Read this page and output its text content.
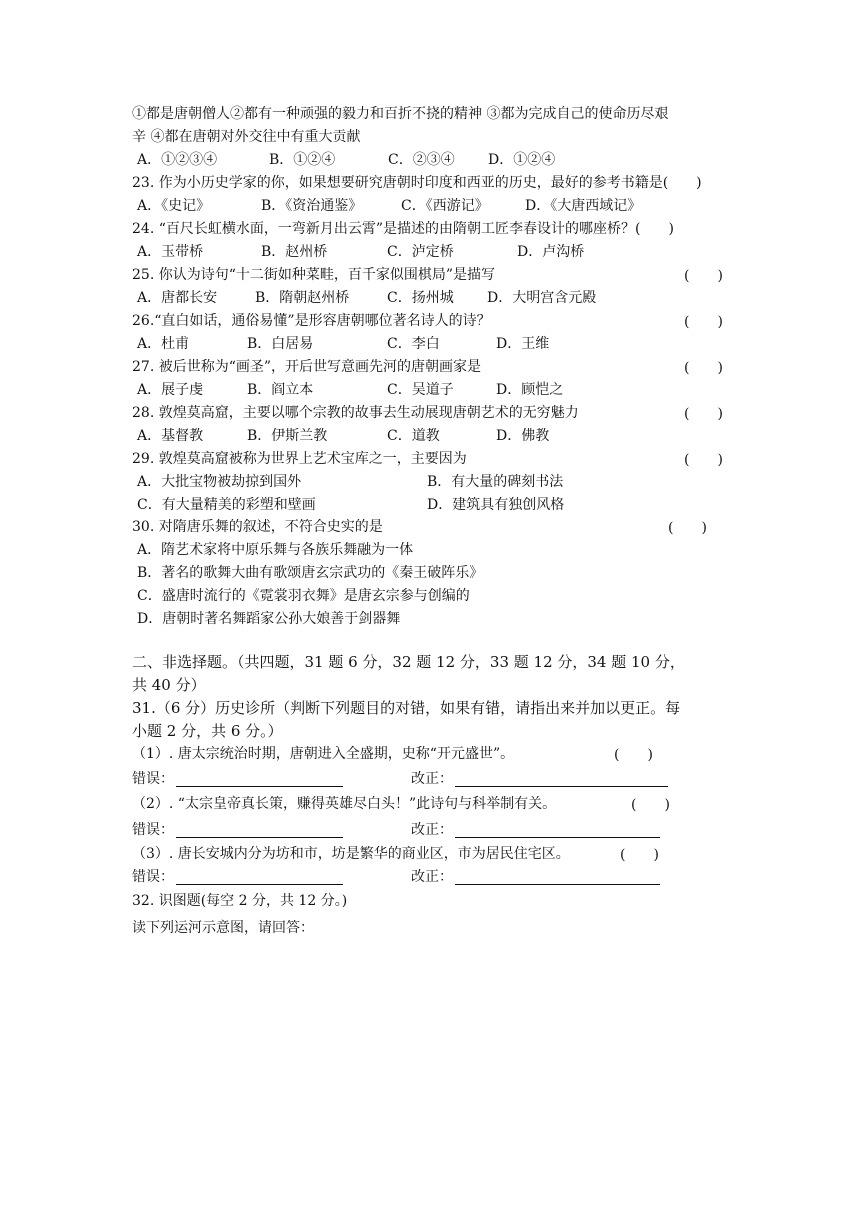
①都是唐朝僧人②都有一种顽强的毅力和百折不挠的精神 ③都为完成自己的使命历尽艰
辛 ④都在唐朝对外交往中有重大贡献
A．①②③④	B．①②④	C．②③④ D．①②④
23. 作为小历史学家的你，如果想要研究唐朝时印度和西亚的历史，最好的参考书籍是(　　)
A．《史记》	B．《资治通鉴》	C．《西游记》	D．《大唐西域记》
24. “百尺长虹横水面，一弯新月出云霄”是描述的由隋朝工匠李春设计的哪座桥？(　　)
A．玉带桥	B．赵州桥	C．泸定桥	D．卢沟桥
25. 你认为诗句“十二街如种菜畦，百千家似围棋局”是描写	(　　)
A．唐都长安	B．隋朝赵州桥	C．扬州城 D．大明宫含元殿
26.“直白如话，通俗易懂”是形容唐朝哪位著名诗人的诗？	(　　)
A．杜甫	B．白居易	C．李白	D．王维
27. 被后世称为“画圣”，开后世写意画先河的唐朝画家是	(　　)
A．展子虔	B．阎立本	C．吴道子	D．顾恺之
28. 敦煌莫高窟，主要以哪个宗教的故事去生动展现唐朝艺术的无穷魅力	(　　)
A．基督教	B．伊斯兰教	C．道教	D．佛教
29. 敦煌莫高窟被称为世界上艺术宝库之一，主要因为	(　　)
A．大批宝物被劫掠到国外	B．有大量的碑刻书法
C．有大量精美的彩塑和壁画	D．建筑具有独创风格
30. 对隋唐乐舞的叙述，不符合史实的是	(　　)
A．隋艺术家将中原乐舞与各族乐舞融为一体
B．著名的歌舞大曲有歌颂唐玄宗武功的《秦王破阵乐》
C．盛唐时流行的《霓裳羽衣舞》是唐玄宗参与创编的
D．唐朝时著名舞蹈家公孙大娘善于剑器舞
二、非选择题。（共四题，31 题 6 分，32 题 12 分，33 题 12 分，34 题 10 分，
共 40 分）
31.（6 分）历史诊所（判断下列题目的对错，如果有错，请指出来并加以更正。每
小题 2 分，共 6 分。）
（1）. 唐太宗统治时期，唐朝进入全盛期，史称“开元盛世”。	(　　)
错误：	改正：
（2）. “太宗皇帝真长策，赚得英雄尽白头！”此诗句与科举制有关。	(　　)
错误：	改正：
（3）. 唐长安城内分为坊和市，坊是繁华的商业区，市为居民住宅区。	(　　)
错误：	改正：
32. 识图题(每空 2 分，共 12 分。)
读下列运河示意图，请回答：
